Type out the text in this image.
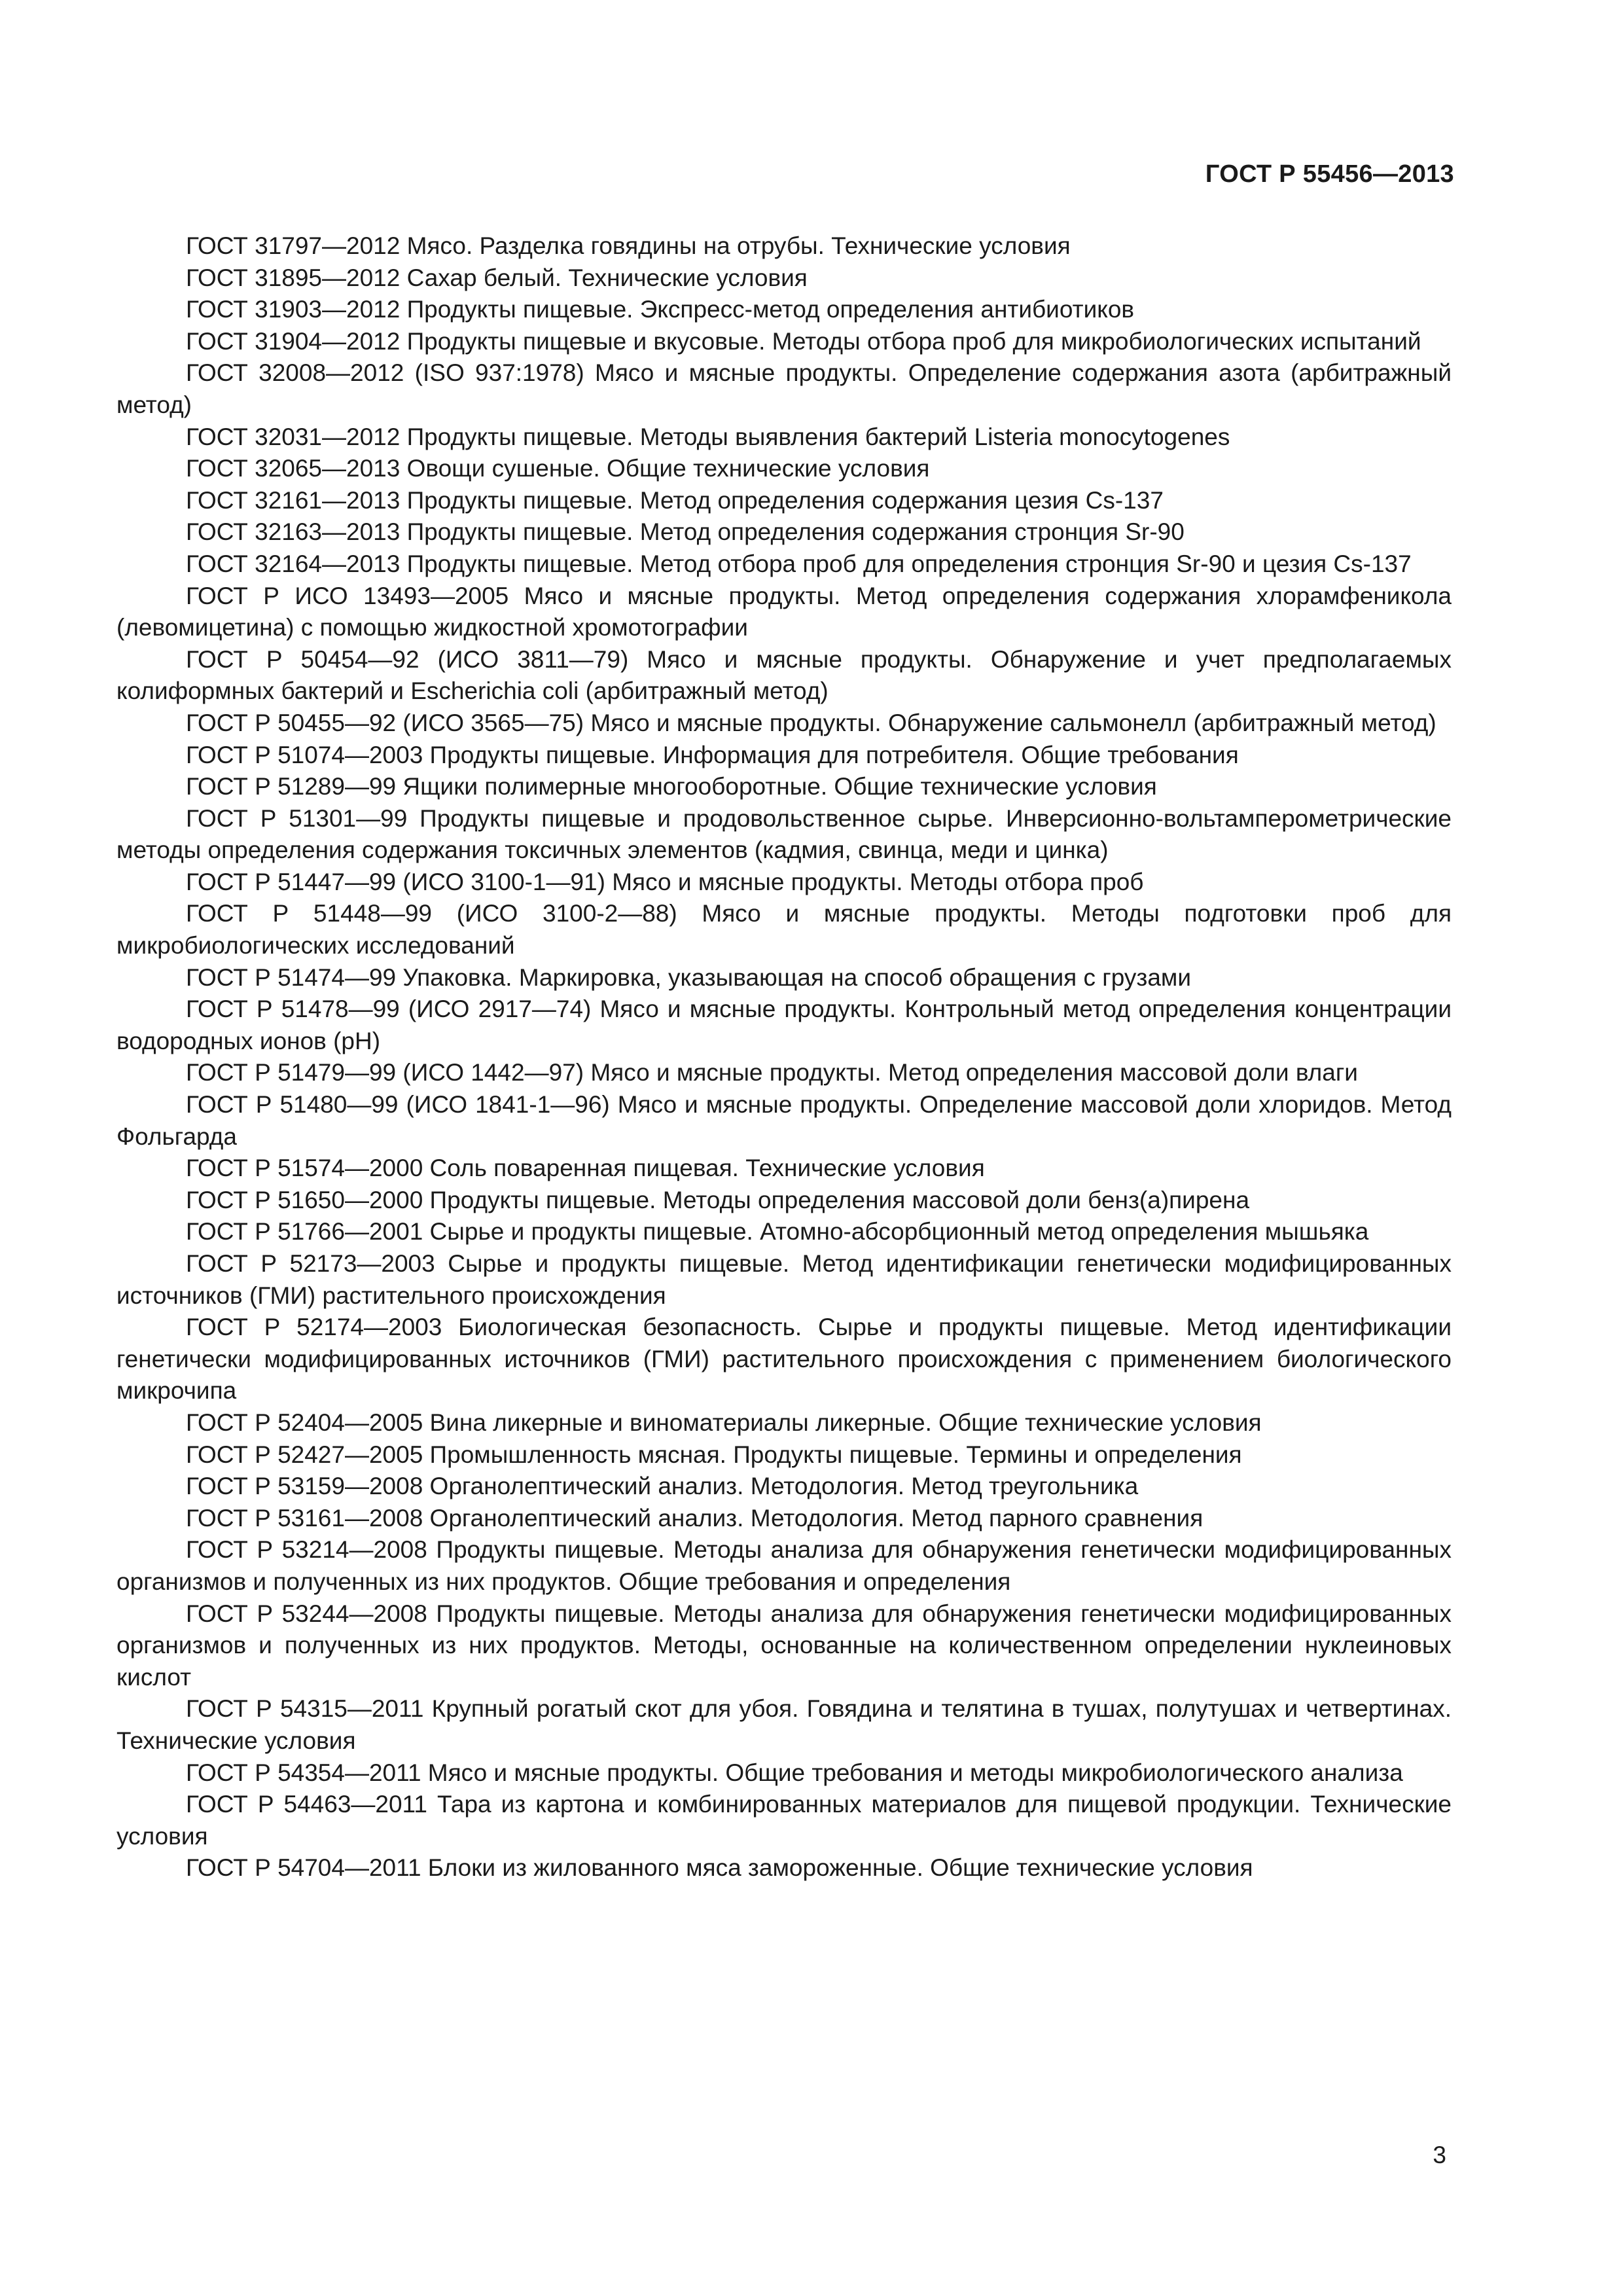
ГОСТ Р 55456—2013

ГОСТ 31797—2012 Мясо. Разделка говядины на отрубы. Технические условия

ГОСТ 31895—2012 Сахар белый. Технические условия

ГОСТ 31903—2012 Продукты пищевые. Экспресс-метод определения антибиотиков

ГОСТ 31904—2012 Продукты пищевые и вкусовые. Методы отбора проб для микробиологических испытаний

ГОСТ 32008—2012 (ISO 937:1978) Мясо и мясные продукты. Определение содержания азота (арбитражный метод)

ГОСТ 32031—2012 Продукты пищевые. Методы выявления бактерий Listeria monocytogenes

ГОСТ 32065—2013 Овощи сушеные. Общие технические условия

ГОСТ 32161—2013 Продукты пищевые. Метод определения содержания цезия Cs-137

ГОСТ 32163—2013 Продукты пищевые. Метод определения содержания стронция Sr-90

ГОСТ 32164—2013 Продукты пищевые. Метод отбора проб для определения стронция Sr-90 и цезия Cs-137

ГОСТ Р ИСО 13493—2005 Мясо и мясные продукты. Метод определения содержания хлорамфеникола (левомицетина) с помощью жидкостной хромотографии

ГОСТ Р 50454—92 (ИСО 3811—79) Мясо и мясные продукты. Обнаружение и учет предполагаемых колиформных бактерий и Escherichia coli (арбитражный метод)

ГОСТ Р 50455—92 (ИСО 3565—75) Мясо и мясные продукты. Обнаружение сальмонелл (арбитражный метод)

ГОСТ Р 51074—2003 Продукты пищевые. Информация для потребителя. Общие требования

ГОСТ Р 51289—99 Ящики полимерные многооборотные. Общие технические условия

ГОСТ Р 51301—99 Продукты пищевые и продовольственное сырье. Инверсионно-вольтамперометрические методы определения содержания токсичных элементов (кадмия, свинца, меди и цинка)

ГОСТ Р 51447—99 (ИСО 3100-1—91) Мясо и мясные продукты. Методы отбора проб

ГОСТ Р 51448—99 (ИСО 3100-2—88) Мясо и мясные продукты. Методы подготовки проб для микробиологических исследований

ГОСТ Р 51474—99 Упаковка. Маркировка, указывающая на способ обращения с грузами

ГОСТ Р 51478—99 (ИСО 2917—74) Мясо и мясные продукты. Контрольный метод определения концентрации водородных ионов (pH)

ГОСТ Р 51479—99 (ИСО 1442—97) Мясо и мясные продукты. Метод определения массовой доли влаги

ГОСТ Р 51480—99 (ИСО 1841-1—96) Мясо и мясные продукты. Определение массовой доли хлоридов. Метод Фольгарда

ГОСТ Р 51574—2000 Соль поваренная пищевая. Технические условия

ГОСТ Р 51650—2000 Продукты пищевые. Методы определения массовой доли бенз(а)пирена

ГОСТ Р 51766—2001 Сырье и продукты пищевые. Атомно-абсорбционный метод определения мышьяка

ГОСТ Р 52173—2003 Сырье и продукты пищевые. Метод идентификации генетически модифицированных источников (ГМИ) растительного происхождения

ГОСТ Р 52174—2003 Биологическая безопасность. Сырье и продукты пищевые. Метод идентификации генетически модифицированных источников (ГМИ) растительного происхождения с применением биологического микрочипа

ГОСТ Р 52404—2005 Вина ликерные и виноматериалы ликерные. Общие технические условия

ГОСТ Р 52427—2005 Промышленность мясная. Продукты пищевые. Термины и определения

ГОСТ Р 53159—2008 Органолептический анализ. Методология. Метод треугольника

ГОСТ Р 53161—2008 Органолептический анализ. Методология. Метод парного сравнения

ГОСТ Р 53214—2008 Продукты пищевые. Методы анализа для обнаружения генетически модифицированных организмов и полученных из них продуктов. Общие требования и определения

ГОСТ Р 53244—2008 Продукты пищевые. Методы анализа для обнаружения генетически модифицированных организмов и полученных из них продуктов. Методы, основанные на количественном определении нуклеиновых кислот

ГОСТ Р 54315—2011 Крупный рогатый скот для убоя. Говядина и телятина в тушах, полутушах и четвертинах. Технические условия

ГОСТ Р 54354—2011 Мясо и мясные продукты. Общие требования и методы микробиологического анализа

ГОСТ Р 54463—2011 Тара из картона и комбинированных материалов для пищевой продукции. Технические условия

ГОСТ Р 54704—2011 Блоки из жилованного мяса замороженные. Общие технические условия

3
